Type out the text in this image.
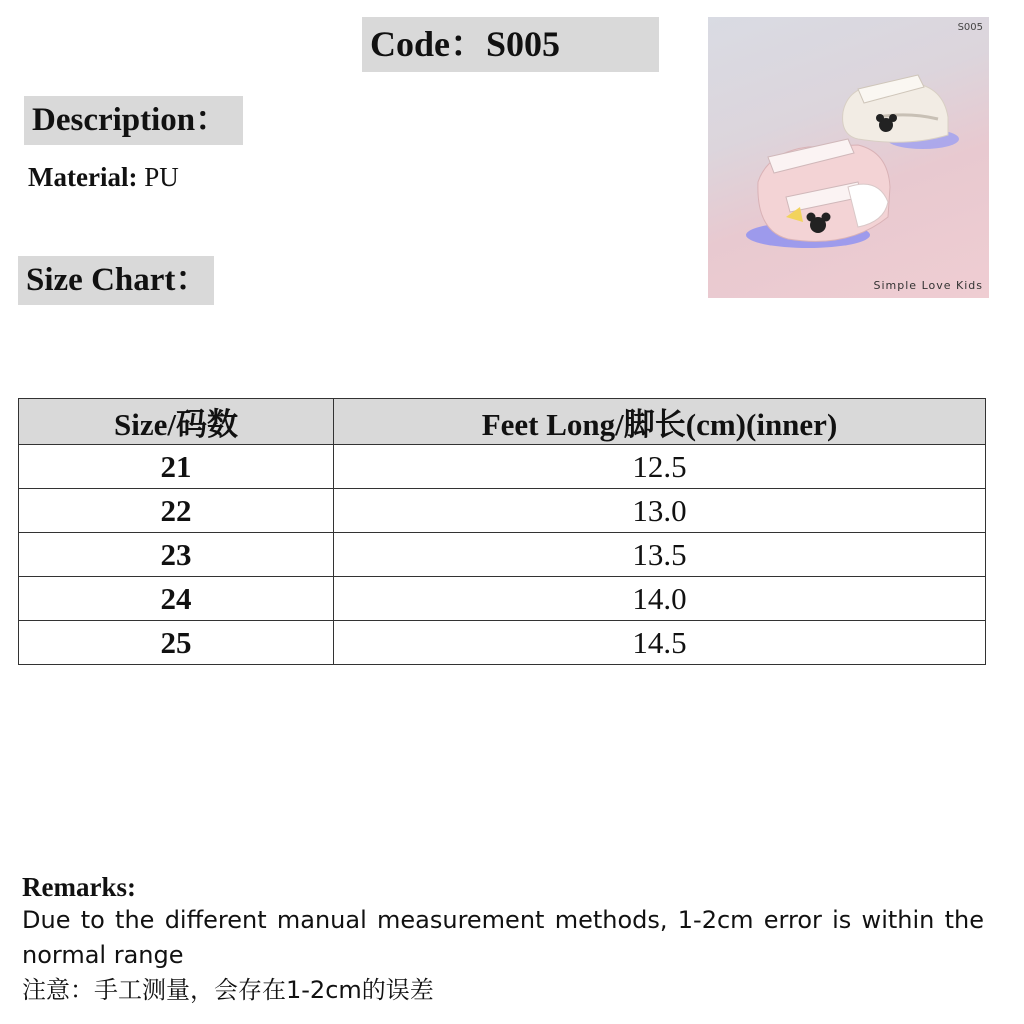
Code：S005
Description：
Material: PU
Size Chart：
S005
Simple Love Kids
Size/码数	Feet Long/脚长(cm)(inner)
21	12.5
22	13.0
23	13.5
24	14.0
25	14.5
Remarks:
Due to the different manual measurement methods, 1-2cm error is within the normal range
注意：手工测量，会存在1-2cm的误差
